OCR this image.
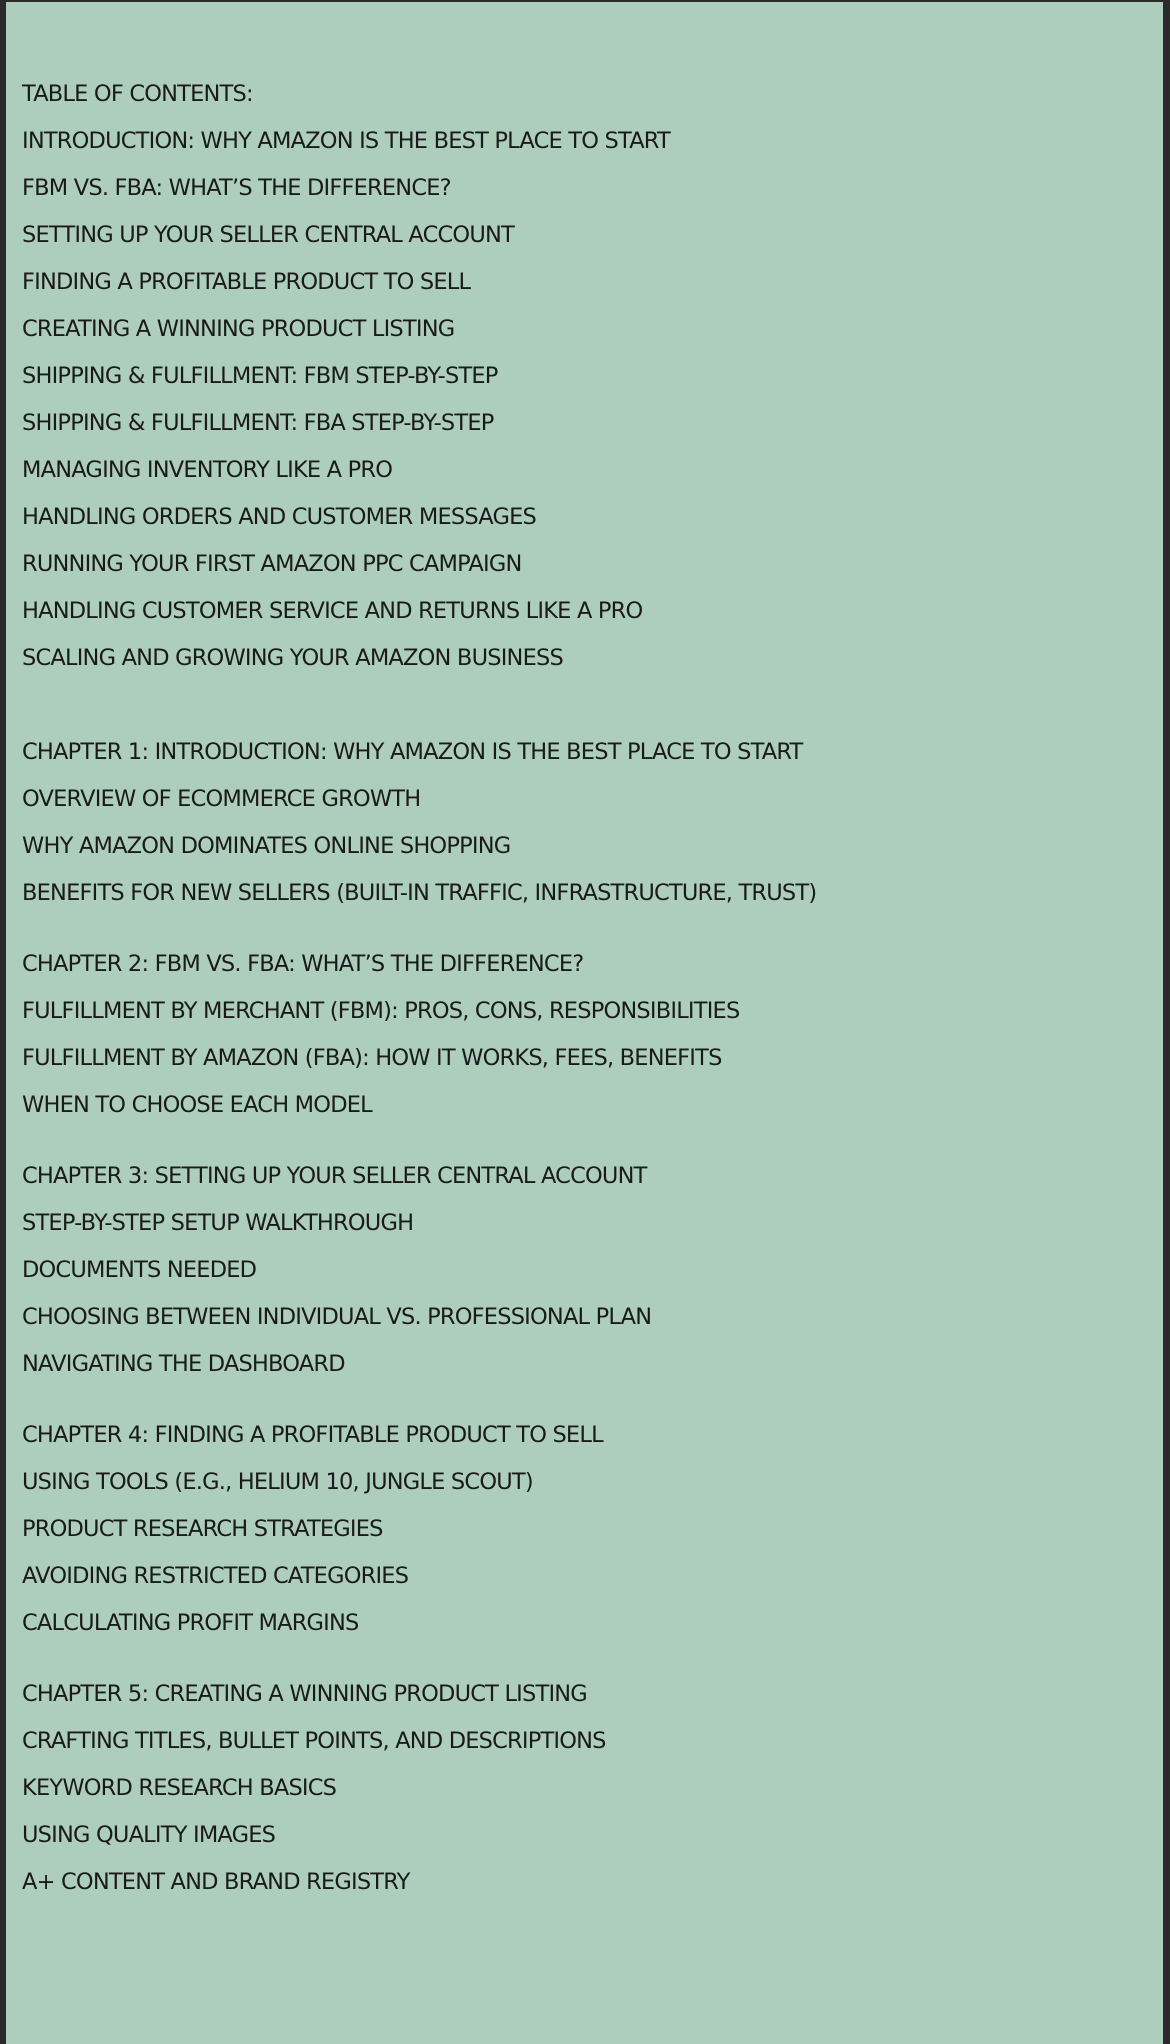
TABLE OF CONTENTS:
INTRODUCTION: WHY AMAZON IS THE BEST PLACE TO START
FBM VS. FBA: WHAT’S THE DIFFERENCE?
SETTING UP YOUR SELLER CENTRAL ACCOUNT
FINDING A PROFITABLE PRODUCT TO SELL
CREATING A WINNING PRODUCT LISTING
SHIPPING & FULFILLMENT: FBM STEP-BY-STEP
SHIPPING & FULFILLMENT: FBA STEP-BY-STEP
MANAGING INVENTORY LIKE A PRO
HANDLING ORDERS AND CUSTOMER MESSAGES
RUNNING YOUR FIRST AMAZON PPC CAMPAIGN
HANDLING CUSTOMER SERVICE AND RETURNS LIKE A PRO
SCALING AND GROWING YOUR AMAZON BUSINESS
CHAPTER 1: INTRODUCTION: WHY AMAZON IS THE BEST PLACE TO START
OVERVIEW OF ECOMMERCE GROWTH
WHY AMAZON DOMINATES ONLINE SHOPPING
BENEFITS FOR NEW SELLERS (BUILT-IN TRAFFIC, INFRASTRUCTURE, TRUST)
CHAPTER 2: FBM VS. FBA: WHAT’S THE DIFFERENCE?
FULFILLMENT BY MERCHANT (FBM): PROS, CONS, RESPONSIBILITIES
FULFILLMENT BY AMAZON (FBA): HOW IT WORKS, FEES, BENEFITS
WHEN TO CHOOSE EACH MODEL
CHAPTER 3: SETTING UP YOUR SELLER CENTRAL ACCOUNT
STEP-BY-STEP SETUP WALKTHROUGH
DOCUMENTS NEEDED
CHOOSING BETWEEN INDIVIDUAL VS. PROFESSIONAL PLAN
NAVIGATING THE DASHBOARD
CHAPTER 4: FINDING A PROFITABLE PRODUCT TO SELL
USING TOOLS (E.G., HELIUM 10, JUNGLE SCOUT)
PRODUCT RESEARCH STRATEGIES
AVOIDING RESTRICTED CATEGORIES
CALCULATING PROFIT MARGINS
CHAPTER 5: CREATING A WINNING PRODUCT LISTING
CRAFTING TITLES, BULLET POINTS, AND DESCRIPTIONS
KEYWORD RESEARCH BASICS
USING QUALITY IMAGES
A+ CONTENT AND BRAND REGISTRY
